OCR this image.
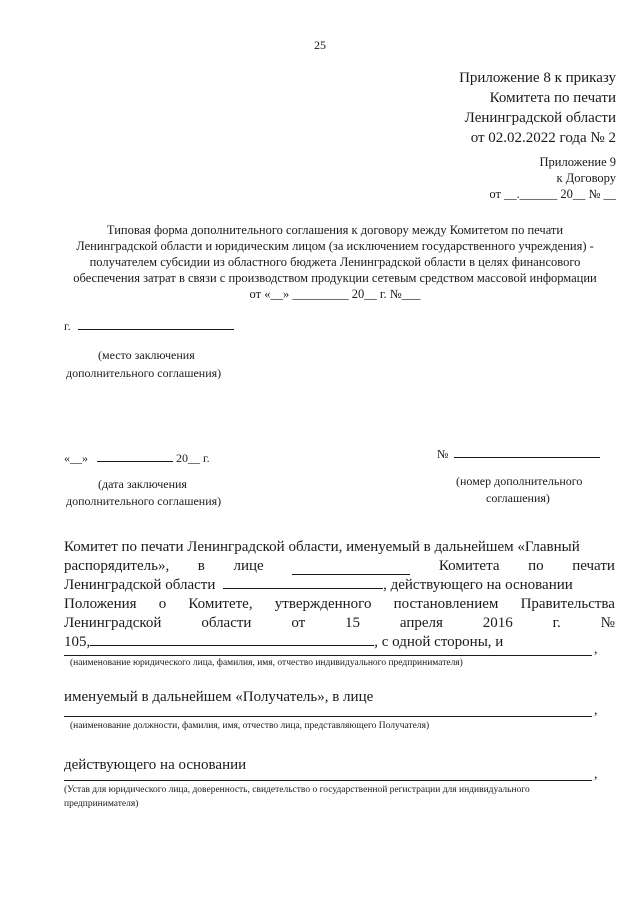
25
Приложение 8 к приказу
Комитета по печати
Ленинградской области
от 02.02.2022 года № 2
Приложение 9
к Договору
от __.______ 20__ № __
Типовая форма дополнительного соглашения к договору между Комитетом по печати
Ленинградской области и юридическим лицом (за исключением государственного учреждения) -
получателем субсидии из областного бюджета Ленинградской области в целях финансового
обеспечения затрат в связи с производством продукции сетевым средством массовой информации
от «__» _________ 20__ г. №___
г.
(место заключения
дополнительного соглашения)
«__»	20__ г.
(дата заключения
дополнительного соглашения)
№
(номер дополнительного
соглашения)
Комитет по печати Ленинградской области, именуемый в дальнейшем «Главный
распорядитель», в лице	Комитета по печати
Ленинградской области	, действующего на основании
Положения о Комитете, утвержденного постановлением Правительства
Ленинградской	области	от	15	апреля	2016	г.	№
105,	, с одной стороны, и	,
(наименование юридического лица, фамилия, имя, отчество индивидуального предпринимателя)
именуемый в дальнейшем «Получатель», в лице
,
(наименование должности, фамилия, имя, отчество лица, представляющего Получателя)
действующего на основании
,
(Устав для юридического лица, доверенность, свидетельство о государственной регистрации для индивидуального
предпринимателя)
